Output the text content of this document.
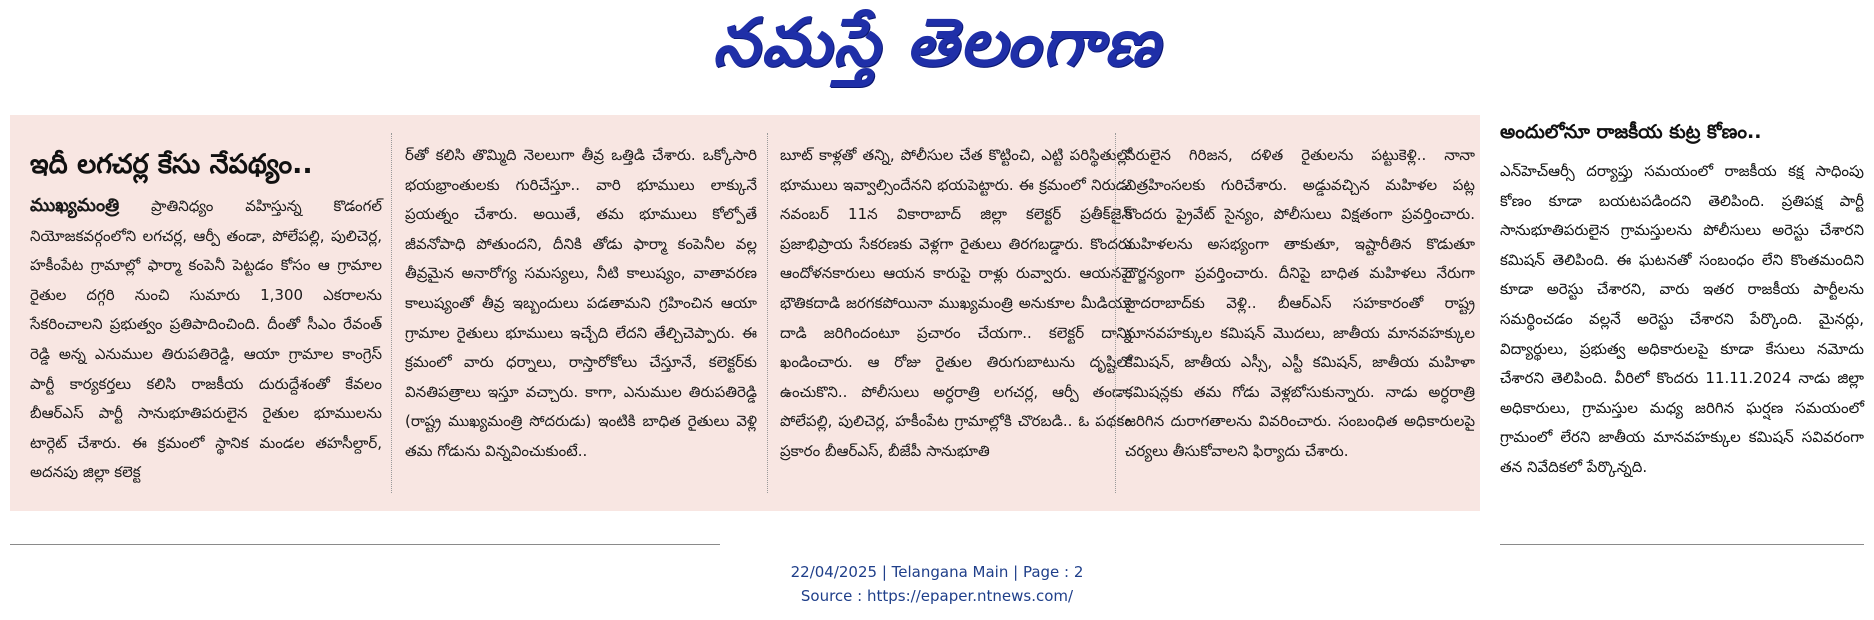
నమస్తే తెలంగాణ
ఇదీ లగచర్ల కేసు నేపథ్యం..

ముఖ్యమంత్రి ప్రాతినిధ్యం వహిస్తున్న కొడంగల్ నియోజకవర్గంలోని లగచర్ల, ఆర్పీ తండా, పోలేపల్లి, పులిచెర్ల, హకీంపేట గ్రామాల్లో ఫార్మా కంపెనీ పెట్టడం కోసం ఆ గ్రామాల రైతుల దగ్గరి నుంచి సుమారు 1,300 ఎకరాలను సేకరించాలని ప్రభుత్వం ప్రతిపాదించింది. దీంతో సీఎం రేవంత్ రెడ్డి అన్న ఎనుముల తిరుపతిరెడ్డి, ఆయా గ్రామాల కాంగ్రెస్ పార్టీ కార్యకర్తలు కలిసి రాజకీయ దురుద్దేశంతో కేవలం బీఆర్ఎస్ పార్టీ సానుభూతిపరులైన రైతుల భూములను టార్గెట్ చేశారు. ఈ క్రమంలో స్థానిక మండల తహసీల్దార్, అదనపు జిల్లా కలెక్ట

ర్‌తో కలిసి తొమ్మిది నెలలుగా తీవ్ర ఒత్తిడి చేశారు. ఒక్కోసారి భయభ్రాంతులకు గురిచేస్తూ.. వారి భూములు లాక్కునే ప్రయత్నం చేశారు. అయితే, తమ భూములు కోల్పోతే జీవనోపాధి పోతుందని, దీనికి తోడు ఫార్మా కంపెనీల వల్ల తీవ్రమైన అనారోగ్య సమస్యలు, నీటి కాలుష్యం, వాతావరణ కాలుష్యంతో తీవ్ర ఇబ్బందులు పడతామని గ్రహించిన ఆయా గ్రామాల రైతులు భూములు ఇచ్చేది లేదని తేల్చిచెప్పారు. ఈ క్రమంలో వారు ధర్నాలు, రాస్తారోకోలు చేస్తూనే, కలెక్టర్‌కు వినతిపత్రాలు ఇస్తూ వచ్చారు. కాగా, ఎనుముల తిరుపతిరెడ్డి (రాష్ట్ర ముఖ్యమంత్రి సోదరుడు) ఇంటికి బాధిత రైతులు వెళ్లి తమ గోడును విన్నవించుకుంటే..

బూట్ కాళ్లతో తన్ని, పోలీసుల చేత కొట్టించి, ఎట్టి పరిస్థితుల్లో భూములు ఇవ్వాల్సిందేనని భయపెట్టారు. ఈ క్రమంలో నిరుడు నవంబర్ 11న వికారాబాద్ జిల్లా కలెక్టర్ ప్రతీక్‌జైన్ ప్రజాభిప్రాయ సేకరణకు వెళ్లగా రైతులు తిరగబడ్డారు. కొందరు ఆందోళనకారులు ఆయన కారుపై రాళ్లు రువ్వారు. ఆయనపై భౌతికదాడి జరగకపోయినా ముఖ్యమంత్రి అనుకూల మీడియా దాడి జరిగిందంటూ ప్రచారం చేయగా.. కలెక్టర్ దాన్ని ఖండించారు. ఆ రోజు రైతుల తిరుగుబాటును దృష్టిలో ఉంచుకొని.. పోలీసులు అర్ధరాత్రి లగచర్ల, ఆర్పీ తండా, పోలేపల్లి, పులిచెర్ల, హకీంపేట గ్రామాల్లోకి చొరబడి.. ఓ పథకం ప్రకారం బీఆర్ఎస్, బీజేపీ సానుభూతి

పరులైన గిరిజన, దళిత రైతులను పట్టుకెళ్లి.. నానా చిత్రహింసలకు గురిచేశారు. అడ్డువచ్చిన మహిళల పట్ల కొందరు ప్రైవేట్ సైన్యం, పోలీసులు విక్షతంగా ప్రవర్తించారు. మహిళలను అసభ్యంగా తాకుతూ, ఇష్టారీతిన కొడుతూ దౌర్జన్యంగా ప్రవర్తించారు. దీనిపై బాధిత మహిళలు నేరుగా హైదరాబాద్‌కు వెళ్లి.. బీఆర్ఎస్ సహకారంతో రాష్ట్ర మానవహక్కుల కమిషన్ మొదలు, జాతీయ మానవహక్కుల కమిషన్, జాతీయ ఎస్సీ, ఎస్టీ కమిషన్, జాతీయ మహిళా కమిషన్లకు తమ గోడు వెళ్లబోసుకున్నారు. నాడు అర్ధరాత్రి జరిగిన దురాగతాలను వివరించారు. సంబంధిత అధికారులపై చర్యలు తీసుకోవాలని ఫిర్యాదు చేశారు.

అందులోనూ రాజకీయ కుట్ర కోణం..

ఎన్‌హెచ్‌ఆర్సీ దర్యాప్తు సమయంలో రాజకీయ కక్ష సాధింపు కోణం కూడా బయటపడిందని తెలిపింది. ప్రతిపక్ష పార్టీ సానుభూతిపరులైన గ్రామస్తులను పోలీసులు అరెస్టు చేశారని కమిషన్ తెలిపింది. ఈ ఘటనతో సంబంధం లేని కొంతమందిని కూడా అరెస్టు చేశారని, వారు ఇతర రాజకీయ పార్టీలను సమర్థించడం వల్లనే అరెస్టు చేశారని పేర్కొంది. మైనర్లు, విద్యార్థులు, ప్రభుత్వ అధికారులపై కూడా కేసులు నమోదు చేశారని తెలిపింది. వీరిలో కొందరు 11.11.2024 నాడు జిల్లా అధికారులు, గ్రామస్తుల మధ్య జరిగిన ఘర్షణ సమయంలో గ్రామంలో లేరని జాతీయ మానవహక్కుల కమిషన్ సవివరంగా తన నివేదికలో పేర్కొన్నది.

22/04/2025 | Telangana Main | Page : 2
Source : https://epaper.ntnews.com/
